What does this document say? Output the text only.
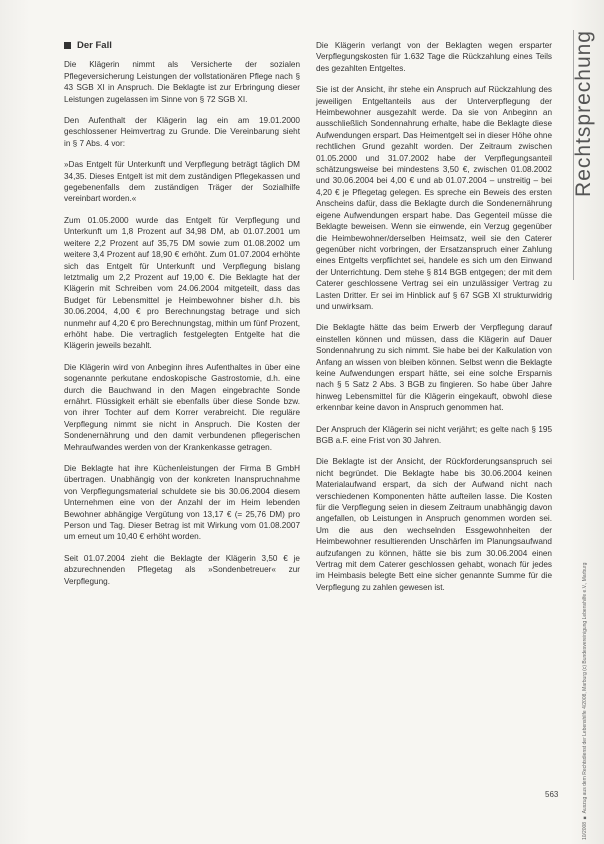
Der Fall

Die Klägerin nimmt als Versicherte der sozialen Pflegeversicherung Leistungen der vollstationären Pflege nach § 43 SGB XI in Anspruch. Die Beklagte ist zur Erbringung dieser Leistungen zugelassen im Sinne von § 72 SGB XI.

Den Aufenthalt der Klägerin lag ein am 19.01.2000 geschlossener Heimvertrag zu Grunde. Die Vereinbarung sieht in § 7 Abs. 4 vor:

»Das Entgelt für Unterkunft und Verpflegung beträgt täglich DM 34,35. Dieses Entgelt ist mit dem zuständigen Pflegekassen und gegebenenfalls dem zuständigen Träger der Sozialhilfe vereinbart worden.«

Zum 01.05.2000 wurde das Entgelt für Verpflegung und Unterkunft um 1,8 Prozent auf 34,98 DM, ab 01.07.2001 um weitere 2,2 Prozent auf 35,75 DM sowie zum 01.08.2002 um weitere 3,4 Prozent auf 18,90 € erhöht. Zum 01.07.2004 erhöhte sich das Entgelt für Unterkunft und Verpflegung bislang letztmalig um 2,2 Prozent auf 19,00 €. Die Beklagte hat der Klägerin mit Schreiben vom 24.06.2004 mitgeteilt, dass das Budget für Lebensmittel je Heimbewohner bisher d.h. bis 30.06.2004, 4,00 € pro Berechnungstag betrage und sich nunmehr auf 4,20 € pro Berechnungstag, mithin um fünf Prozent, erhöht habe. Die vertraglich festgelegten Entgelte hat die Klägerin jeweils bezahlt.

Die Klägerin wird von Anbeginn ihres Aufenthaltes in über eine sogenannte perkutane endoskopische Gastrostomie, d.h. eine durch die Bauchwand in den Magen eingebrachte Sonde ernährt. Flüssigkeit erhält sie ebenfalls über diese Sonde bzw. von ihrer Tochter auf dem Korrer verabreicht. Die reguläre Verpflegung nimmt sie nicht in Anspruch. Die Kosten der Sondenernährung und den damit verbundenen pflegerischen Mehraufwandes werden von der Krankenkasse getragen.

Die Beklagte hat ihre Küchenleistungen der Firma B GmbH übertragen. Unabhängig von der konkreten Inanspruchnahme von Verpflegungsmaterial schuldete sie bis 30.06.2004 diesem Unternehmen eine von der Anzahl der im Heim lebenden Bewohner abhängige Vergütung von 13,17 € (= 25,76 DM) pro Person und Tag. Dieser Betrag ist mit Wirkung vom 01.08.2007 um erneut um 10,40 € erhöht worden.

Seit 01.07.2004 zieht die Beklagte der Klägerin 3,50 € je abzurechnenden Pflegetag als »Sondenbetreuer« zur Verpflegung.

Die Klägerin verlangt von der Beklagten wegen ersparter Verpflegungskosten für 1.632 Tage die Rückzahlung eines Teils des gezahlten Entgeltes.

Sie ist der Ansicht, ihr stehe ein Anspruch auf Rückzahlung des jeweiligen Entgeltanteils aus der Unterverpflegung der Heimbewohner ausgezahlt werde. Da sie von Anbeginn an ausschließlich Sondennahrung erhalte, habe die Beklagte diese Aufwendungen erspart. Das Heimentgelt sei in dieser Höhe ohne rechtlichen Grund gezahlt worden. Der Zeitraum zwischen 01.05.2000 und 31.07.2002 habe der Verpflegungsanteil schätzungsweise bei mindestens 3,50 €, zwischen 01.08.2002 und 30.06.2004 bei 4,00 € und ab 01.07.2004 – unstreitig – bei 4,20 € je Pflegetag gelegen. Es spreche ein Beweis des ersten Anscheins dafür, dass die Beklagte durch die Sondenernährung eigene Aufwendungen erspart habe. Das Gegenteil müsse die Beklagte beweisen. Wenn sie einwende, ein Verzug gegenüber die Heimbewohner/derselben Heimsatz, weil sie den Caterer gegenüber nicht vorbringen, der Ersatzanspruch einer Zahlung eines Entgelts verpflichtet sei, handele es sich um den Einwand der Unterrichtung. Dem stehe § 814 BGB entgegen; der mit dem Caterer geschlossene Vertrag sei ein unzulässiger Vertrag zu Lasten Dritter. Er sei im Hinblick auf § 67 SGB XI strukturwidrig und unwirksam.

Die Beklagte hätte das beim Erwerb der Verpflegung darauf einstellen können und müssen, dass die Klägerin auf Dauer Sondennahrung zu sich nimmt. Sie habe bei der Kalkulation von Anfang an wissen von bleiben können. Selbst wenn die Beklagte keine Aufwendungen erspart hätte, sei eine solche Ersparnis nach § 5 Satz 2 Abs. 3 BGB zu fingieren. So habe über Jahre hinweg Lebensmittel für die Klägerin eingekauft, obwohl diese erkennbar keine davon in Anspruch genommen hat.

Der Anspruch der Klägerin sei nicht verjährt; es gelte nach § 195 BGB a.F. eine Frist von 30 Jahren.

Die Beklagte ist der Ansicht, der Rückforderungsanspruch sei nicht begründet. Die Beklagte habe bis 30.06.2004 keinen Materialaufwand erspart, da sich der Aufwand nicht nach verschiedenen Komponenten hätte aufteilen lasse. Die Kosten für die Verpflegung seien in diesem Zeitraum unabhängig davon angefallen, ob Leistungen in Anspruch genommen worden sei. Um die aus den wechselnden Essgewohnheiten der Heimbewohner resultierenden Unschärfen im Planungsaufwand aufzufangen zu können, hätte sie bis zum 30.06.2004 einen Vertrag mit dem Caterer geschlossen gehabt, wonach für jedes im Heimbasis belegte Bett eine sicher genannte Summe für die Verpflegung zu zahlen gewesen ist.

Rechtsprechung
10/2008 ■ Auszug aus dem Rechtsdienst der Lebenshilfe 4/2008, Marburg (c) Bundesvereinigung Lebenshilfe e.V., Marburg
563
